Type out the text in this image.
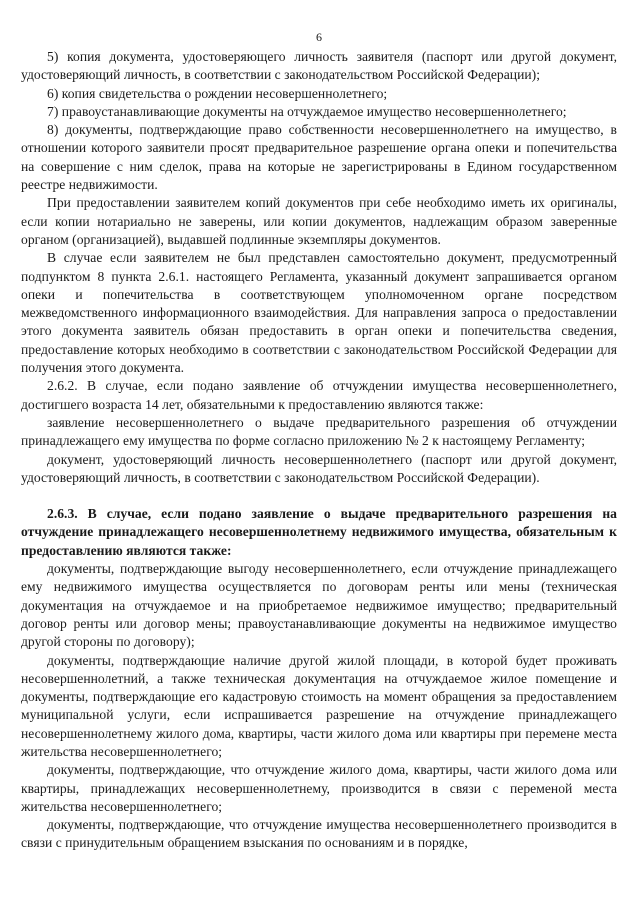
6

5) копия документа, удостоверяющего личность заявителя (паспорт или другой документ, удостоверяющий личность, в соответствии с законодательством Российской Федерации);

6) копия свидетельства о рождении несовершеннолетнего;

7) правоустанавливающие документы на отчуждаемое имущество несовершеннолетнего;

8) документы, подтверждающие право собственности несовершеннолетнего на имущество, в отношении которого заявители просят предварительное разрешение органа опеки и попечительства на совершение с ним сделок, права на которые не зарегистрированы в Едином государственном реестре недвижимости.

При предоставлении заявителем копий документов при себе необходимо иметь их оригиналы, если копии нотариально не заверены, или копии документов, надлежащим образом заверенные органом (организацией), выдавшей подлинные экземпляры документов.

В случае если заявителем не был представлен самостоятельно документ, предусмотренный подпунктом 8 пункта 2.6.1. настоящего Регламента, указанный документ запрашивается органом опеки и попечительства в соответствующем уполномоченном органе посредством межведомственного информационного взаимодействия. Для направления запроса о предоставлении этого документа заявитель обязан предоставить в орган опеки и попечительства сведения, предоставление которых необходимо в соответствии с законодательством Российской Федерации для получения этого документа.

2.6.2. В случае, если подано заявление об отчуждении имущества несовершеннолетнего, достигшего возраста 14 лет, обязательными к предоставлению являются также:

заявление несовершеннолетнего о выдаче предварительного разрешения об отчуждении принадлежащего ему имущества по форме согласно приложению № 2 к настоящему Регламенту;

документ, удостоверяющий личность несовершеннолетнего (паспорт или другой документ, удостоверяющий личность, в соответствии с законодательством Российской Федерации).

2.6.3. В случае, если подано заявление о выдаче предварительного разрешения на отчуждение принадлежащего несовершеннолетнему недвижимого имущества, обязательным к предоставлению являются также:

документы, подтверждающие выгоду несовершеннолетнего, если отчуждение принадлежащего ему недвижимого имущества осуществляется по договорам ренты или мены (техническая документация на отчуждаемое и на приобретаемое недвижимое имущество; предварительный договор ренты или договор мены; правоустанавливающие документы на недвижимое имущество другой стороны по договору);

документы, подтверждающие наличие другой жилой площади, в которой будет проживать несовершеннолетний, а также техническая документация на отчуждаемое жилое помещение и документы, подтверждающие его кадастровую стоимость на момент обращения за предоставлением муниципальной услуги, если испрашивается разрешение на отчуждение принадлежащего несовершеннолетнему жилого дома, квартиры, части жилого дома или квартиры при перемене места жительства несовершеннолетнего;

документы, подтверждающие, что отчуждение жилого дома, квартиры, части жилого дома или квартиры, принадлежащих несовершеннолетнему, производится в связи с переменой места жительства несовершеннолетнего;

документы, подтверждающие, что отчуждение имущества несовершеннолетнего производится в связи с принудительным обращением взыскания по основаниям и в порядке,
